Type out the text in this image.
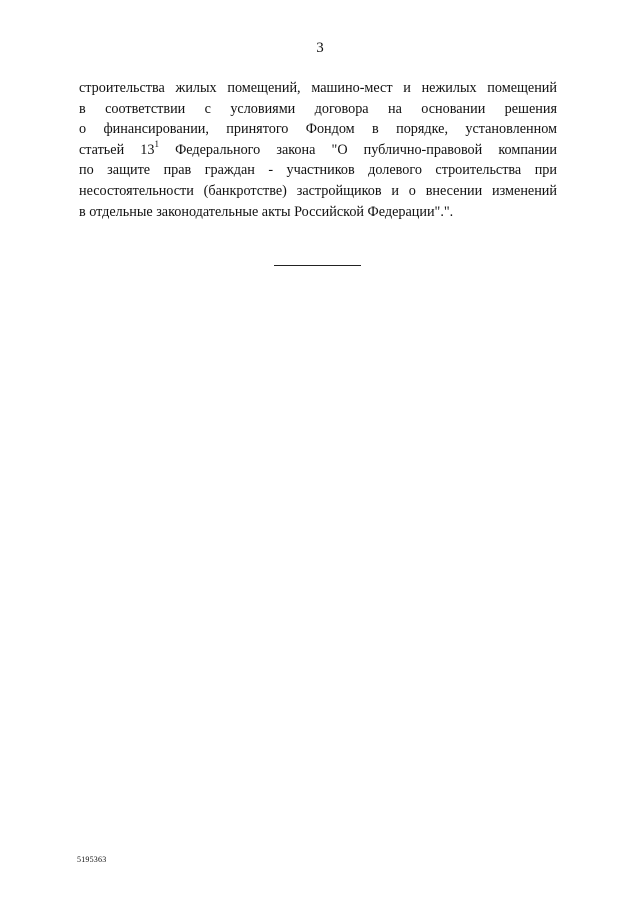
3
строительства жилых помещений, машино-мест и нежилых помещений
в соответствии с условиями договора на основании решения
о финансировании, принятого Фондом в порядке, установленном
статьей $13^1$ Федерального закона "О публично-правовой компании
по защите прав граждан - участников долевого строительства при
несостоятельности (банкротстве) застройщиков и о внесении изменений
в отдельные законодательные акты Российской Федерации".".
5195363
